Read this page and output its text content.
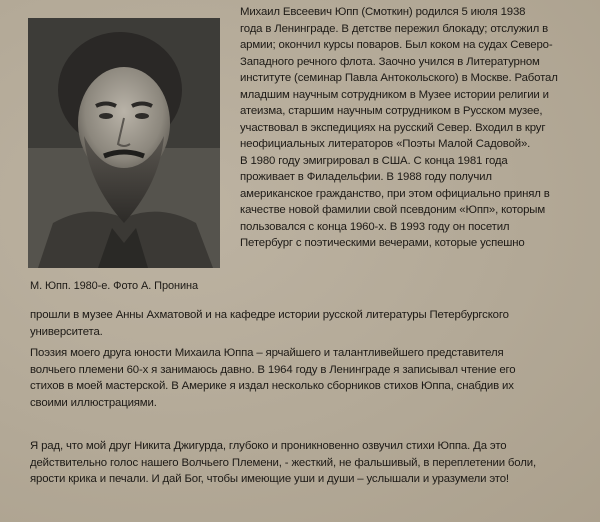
М. Юпп. 1980-е. Фото А. Пронина

Михаил Евсеевич Юпп (Смоткин) родился 5 июля 1938
года в Ленинграде. В детстве пережил блокаду; отслужил в
армии; окончил курсы поваров. Был коком на судах Северо-
Западного речного флота. Заочно учился в Литературном
институте (семинар Павла Антокольского) в Москве. Работал
младшим научным сотрудником в Музее истории религии и
атеизма, старшим научным сотрудником в Русском музее,
участвовал в экспедициях на русский Север. Входил в круг
неофициальных литераторов «Поэты Малой Садовой».
В 1980 году эмигрировал в США. С конца 1981 года
проживает в Филадельфии. В 1988 году получил
американское гражданство, при этом официально принял в
качестве новой фамилии свой псевдоним «Юпп», которым
пользовался с конца 1960-х. В 1993 году он посетил
Петербург с поэтическими вечерами, которые успешно

прошли в музее Анны Ахматовой и на кафедре истории русской литературы Петербургского
университета.

Поэзия моего друга юности Михаила Юппа – ярчайшего и талантливейшего представителя
волчьего племени 60-х я занимаюсь давно. В 1964 году в Ленинграде я записывал чтение его
стихов в моей мастерской. В Америке я издал несколько сборников стихов Юппа, снабдив их
своими иллюстрациями.

Я рад, что мой друг Никита Джигурда, глубоко и проникновенно озвучил стихи Юппа. Да это
действительно голос нашего Волчьего Племени, - жесткий, не фальшивый, в переплетении боли,
ярости крика и печали. И дай Бог, чтобы имеющие уши и души – услышали и уразумели это!
